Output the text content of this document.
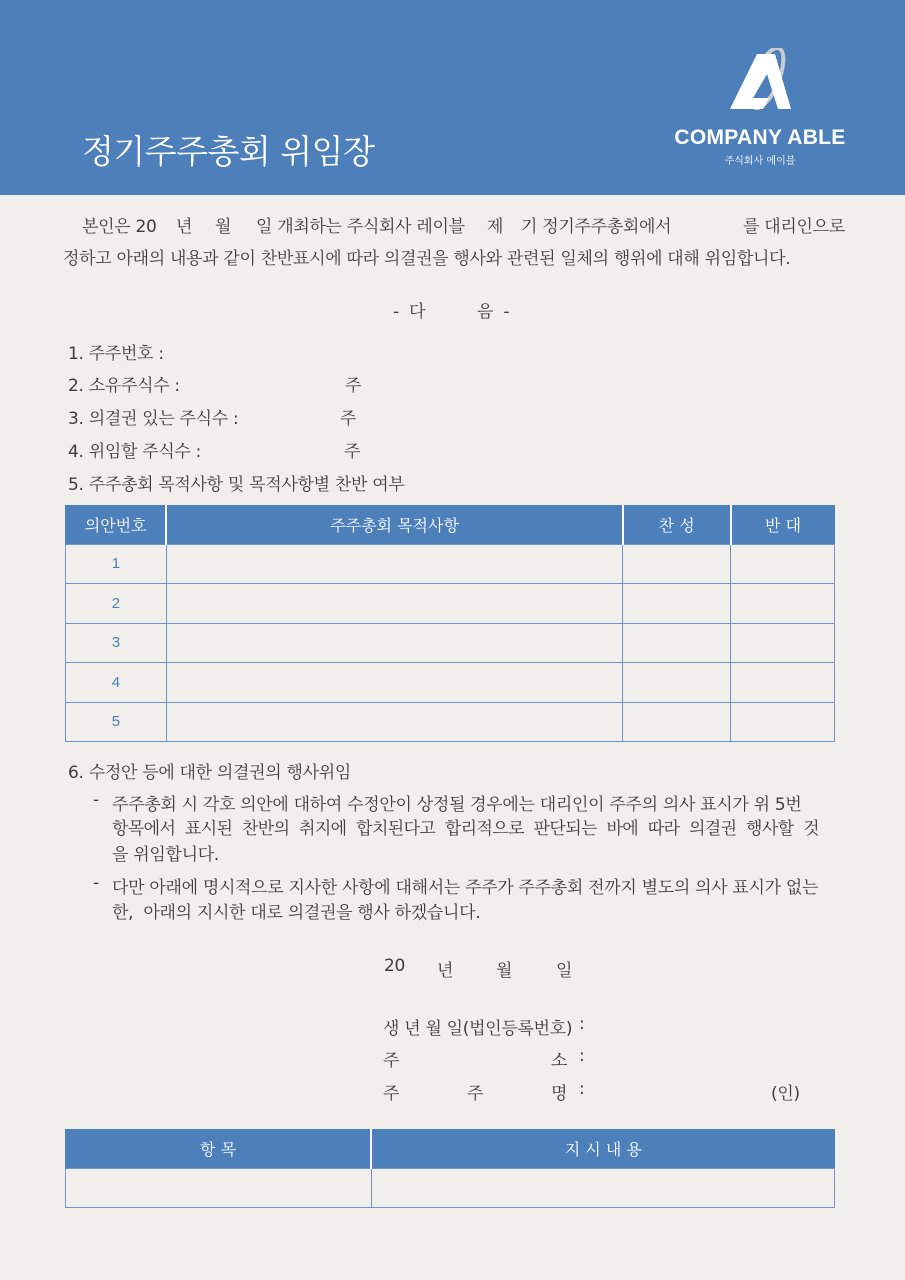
정기주주총회 위임장	COMPANY ABLE
주식회사 에이블
본인은 20 년 월 일 개최하는 주식회사 레이블 제 기 정기주주총회에서	를 대리인으로
정하고 아래의 내용과 같이 찬반표시에 따라 의결권을 행사와 관련된 일체의 행위에 대해 위임합니다.
-  다	음  -
1. 주주번호 :
2. 소유주식수 :	주
3. 의결권 있는 주식수 :	주
4. 위임할 주식수 :	주
5. 주주총회 목적사항 및 목적사항별 찬반 여부
의안번호	주주총회 목적사항	찬 성	반 대
1			
2			
3			
4			
5			
6. 수정안 등에 대한 의결권의 행사위임
- 주주총회 시 각호 의안에 대하여 수정안이 상정될 경우에는 대리인이 주주의 의사 표시가 위 5번
항목에서  표시된  찬반의  취지에  합치된다고  합리적으로  판단되는  바에  따라  의결권  행사할  것
을 위임합니다.
- 다만 아래에 명시적으로 지사한 사항에 대해서는 주주가 주주총회 전까지 별도의 의사 표시가 없는
한,  아래의 지시한 대로 의결권을 행사 하겠습니다.
20 년	월	일
생 년 월 일(법인등록번호) :
주	소 :
주	주	명 :	(인)
항 목	지 시 내 용
